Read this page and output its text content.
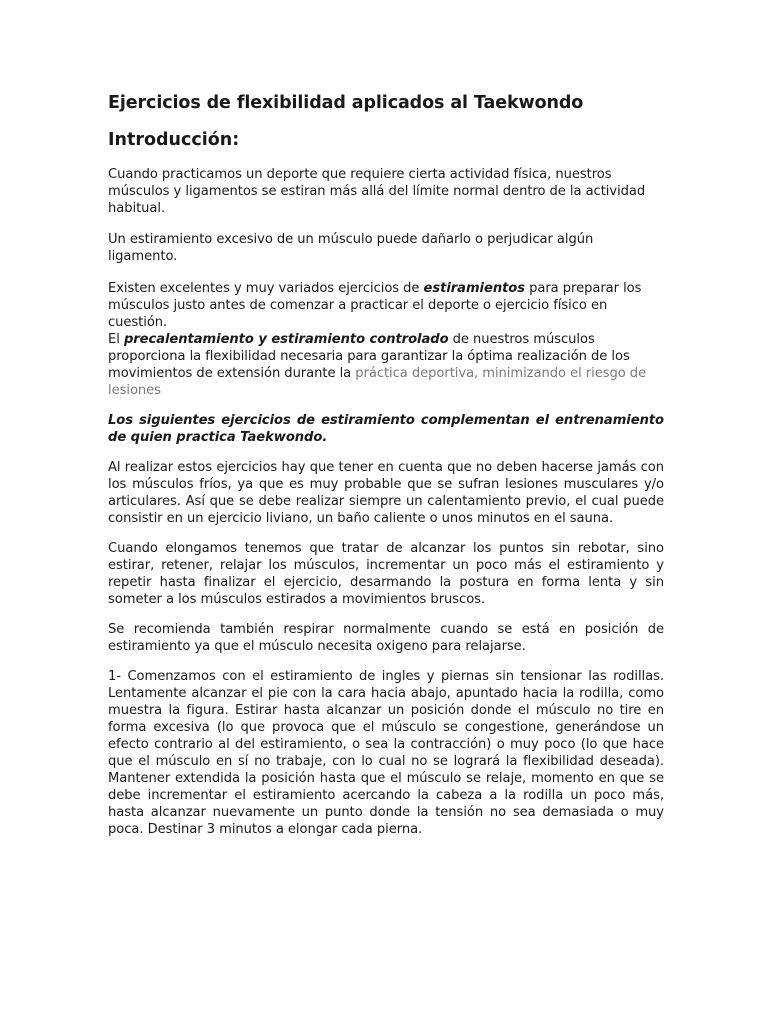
Ejercicios de flexibilidad aplicados al Taekwondo
Introducción:

Cuando practicamos un deporte que requiere cierta actividad física, nuestros músculos y ligamentos se estiran más allá del límite normal dentro de la actividad habitual.

Un estiramiento excesivo de un músculo puede dañarlo o perjudicar algún ligamento.

Existen excelentes y muy variados ejercicios de estiramientos para preparar los músculos justo antes de comenzar a practicar el deporte o ejercicio físico en cuestión.

El precalentamiento y estiramiento controlado de nuestros músculos proporciona la flexibilidad necesaria para garantizar la óptima realización de los movimientos de extensión durante la práctica deportiva, minimizando el riesgo de lesiones

Los siguientes ejercicios de estiramiento complementan el entrenamiento de quien practica Taekwondo.

Al realizar estos ejercicios hay que tener en cuenta que no deben hacerse jamás con los músculos fríos, ya que es muy probable que se sufran lesiones musculares y/o articulares. Así que se debe realizar siempre un calentamiento previo, el cual puede consistir en un ejercicio liviano, un baño caliente o unos minutos en el sauna.

Cuando elongamos tenemos que tratar de alcanzar los puntos sin rebotar, sino estirar, retener, relajar los músculos, incrementar un poco más el estiramiento y repetir hasta finalizar el ejercicio, desarmando la postura en forma lenta y sin someter a los músculos estirados a movimientos bruscos.

Se recomienda también respirar normalmente cuando se está en posición de estiramiento ya que el músculo necesita oxigeno para relajarse.

1- Comenzamos con el estiramiento de ingles y piernas sin tensionar las rodillas. Lentamente alcanzar el pie con la cara hacia abajo, apuntado hacia la rodilla, como muestra la figura. Estirar hasta alcanzar un posición donde el músculo no tire en forma excesiva (lo que provoca que el músculo se congestione, generándose un efecto contrario al del estiramiento, o sea la contracción) o muy poco (lo que hace que el músculo en sí no trabaje, con lo cual no se logrará la flexibilidad deseada). Mantener extendida la posición hasta que el músculo se relaje, momento en que se debe incrementar el estiramiento acercando la cabeza a la rodilla un poco más, hasta alcanzar nuevamente un punto donde la tensión no sea demasiada o muy poca. Destinar 3 minutos a elongar cada pierna.
